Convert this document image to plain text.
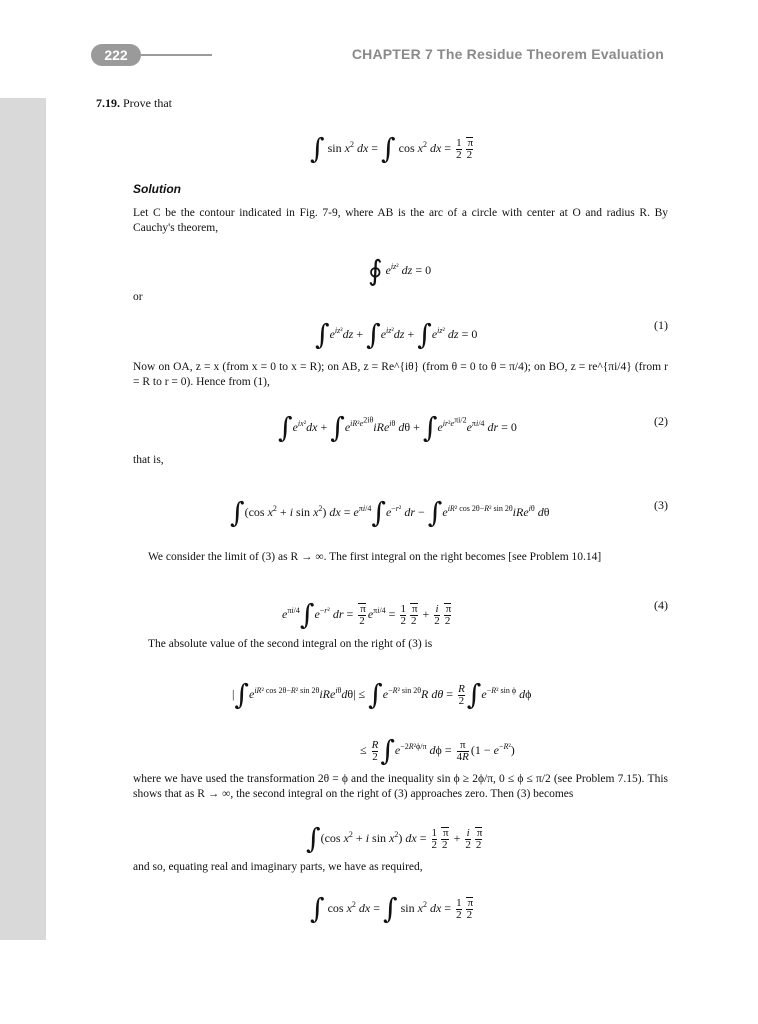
222	CHAPTER 7 The Residue Theorem Evaluation
7.19. Prove that
∫ $\sin x^2$ dx = ∫ $\cos x^2$ dx = $\frac{1}{2} \frac{\pi}{2}$
Solution
Let C be the contour indicated in Fig. 7-9, where AB is the arc of a circle with center at O and radius R. By Cauchy's theorem,
∮ $e^{iz^2}$ dz = 0
or
$\int e^{iz^2}dz + \int e^{iz^2}dz + \int e^{iz^2}$ dz = 0
(1)
Now on OA, z = x (from x = 0 to x = R); on AB, z = Re^{iθ} (from θ = 0 to θ = π/4); on BO, z = re^{πi/4} (from r = R to r = 0). Hence from (1),
$\int e^{ix^2}dx + \int e^{iR^2e^{2i\theta}}iRe^{i\theta}$ $d\theta + \int e^{ir^2e^{\pi i/2}}e^{\pi i/4}$ dr = 0	(2)
that is,
∫(cos $x^2 + i$ $\sin x^2$) dx = $e^{\pi i/4}\int e^{-r^2}$ dr − $\int e^{iR^2 cos 2\theta-R^2 sin 2\theta}iRe^{i\theta}$ dθ	(3)
We consider the limit of (3) as R → ∞. The first integral on the right becomes [see Problem 10.14]
$e^{\pi i/4}\int e^{-r^2}$ dr = $\frac{\pi}{2} e^{\pi i/4} = \frac{1}{2} \frac{\pi}{2} + \frac{i}{2} \frac{\pi}{2}$	(4)
The absolute value of the second integral on the right of (3) is
$|\int e^{iR^2 cos 2\theta-R^2 sin 2\theta}iRe^{i\theta}d\theta| \le \int e^{-R^2 sin 2\theta}R$ $d\theta = \frac{R}{2} \int e^{-R^2 sin \phi}$ dϕ
≤ $\frac{R}{2} \int e^{-2R^2\phi/\pi}$ $d\phi = \frac{\pi}{4R} (1 - e^{-R^2})$
where we have used the transformation 2θ = ϕ and the inequality sin ϕ ≥ 2ϕ/π, 0 ≤ ϕ ≤ π/2 (see Problem 7.15). This shows that as R → ∞, the second integral on the right of (3) approaches zero. Then (3) becomes
∫(cos $x^2 + i$ $\sin x^2$) dx = $\frac{1}{2} \frac{\pi}{2} + \frac{i}{2} \frac{\pi}{2}$
and so, equating real and imaginary parts, we have as required,
∫ $\cos x^2$ dx = ∫ $\sin x^2$ dx = $\frac{1}{2} \frac{\pi}{2}$
